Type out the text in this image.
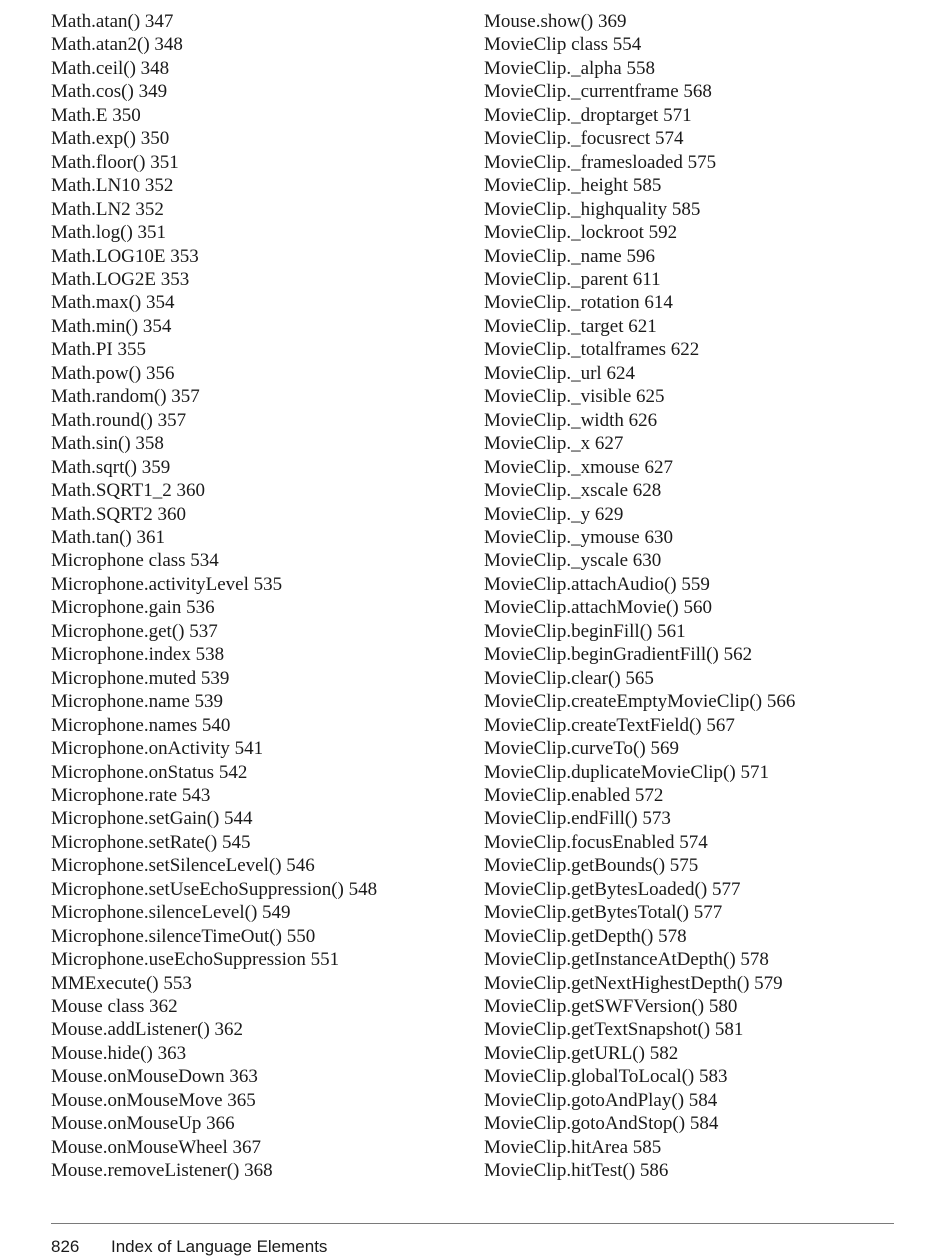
Math.atan() 347
Math.atan2() 348
Math.ceil() 348
Math.cos() 349
Math.E 350
Math.exp() 350
Math.floor() 351
Math.LN10 352
Math.LN2 352
Math.log() 351
Math.LOG10E 353
Math.LOG2E 353
Math.max() 354
Math.min() 354
Math.PI 355
Math.pow() 356
Math.random() 357
Math.round() 357
Math.sin() 358
Math.sqrt() 359
Math.SQRT1_2 360
Math.SQRT2 360
Math.tan() 361
Microphone class 534
Microphone.activityLevel 535
Microphone.gain 536
Microphone.get() 537
Microphone.index 538
Microphone.muted 539
Microphone.name 539
Microphone.names 540
Microphone.onActivity 541
Microphone.onStatus 542
Microphone.rate 543
Microphone.setGain() 544
Microphone.setRate() 545
Microphone.setSilenceLevel() 546
Microphone.setUseEchoSuppression() 548
Microphone.silenceLevel() 549
Microphone.silenceTimeOut() 550
Microphone.useEchoSuppression 551
MMExecute() 553
Mouse class 362
Mouse.addListener() 362
Mouse.hide() 363
Mouse.onMouseDown 363
Mouse.onMouseMove 365
Mouse.onMouseUp 366
Mouse.onMouseWheel 367
Mouse.removeListener() 368
Mouse.show() 369
MovieClip class 554
MovieClip._alpha 558
MovieClip._currentframe 568
MovieClip._droptarget 571
MovieClip._focusrect 574
MovieClip._framesloaded 575
MovieClip._height 585
MovieClip._highquality 585
MovieClip._lockroot 592
MovieClip._name 596
MovieClip._parent 611
MovieClip._rotation 614
MovieClip._target 621
MovieClip._totalframes 622
MovieClip._url 624
MovieClip._visible 625
MovieClip._width 626
MovieClip._x 627
MovieClip._xmouse 627
MovieClip._xscale 628
MovieClip._y 629
MovieClip._ymouse 630
MovieClip._yscale 630
MovieClip.attachAudio() 559
MovieClip.attachMovie() 560
MovieClip.beginFill() 561
MovieClip.beginGradientFill() 562
MovieClip.clear() 565
MovieClip.createEmptyMovieClip() 566
MovieClip.createTextField() 567
MovieClip.curveTo() 569
MovieClip.duplicateMovieClip() 571
MovieClip.enabled 572
MovieClip.endFill() 573
MovieClip.focusEnabled 574
MovieClip.getBounds() 575
MovieClip.getBytesLoaded() 577
MovieClip.getBytesTotal() 577
MovieClip.getDepth() 578
MovieClip.getInstanceAtDepth() 578
MovieClip.getNextHighestDepth() 579
MovieClip.getSWFVersion() 580
MovieClip.getTextSnapshot() 581
MovieClip.getURL() 582
MovieClip.globalToLocal() 583
MovieClip.gotoAndPlay() 584
MovieClip.gotoAndStop() 584
MovieClip.hitArea 585
MovieClip.hitTest() 586
826 Index of Language Elements
